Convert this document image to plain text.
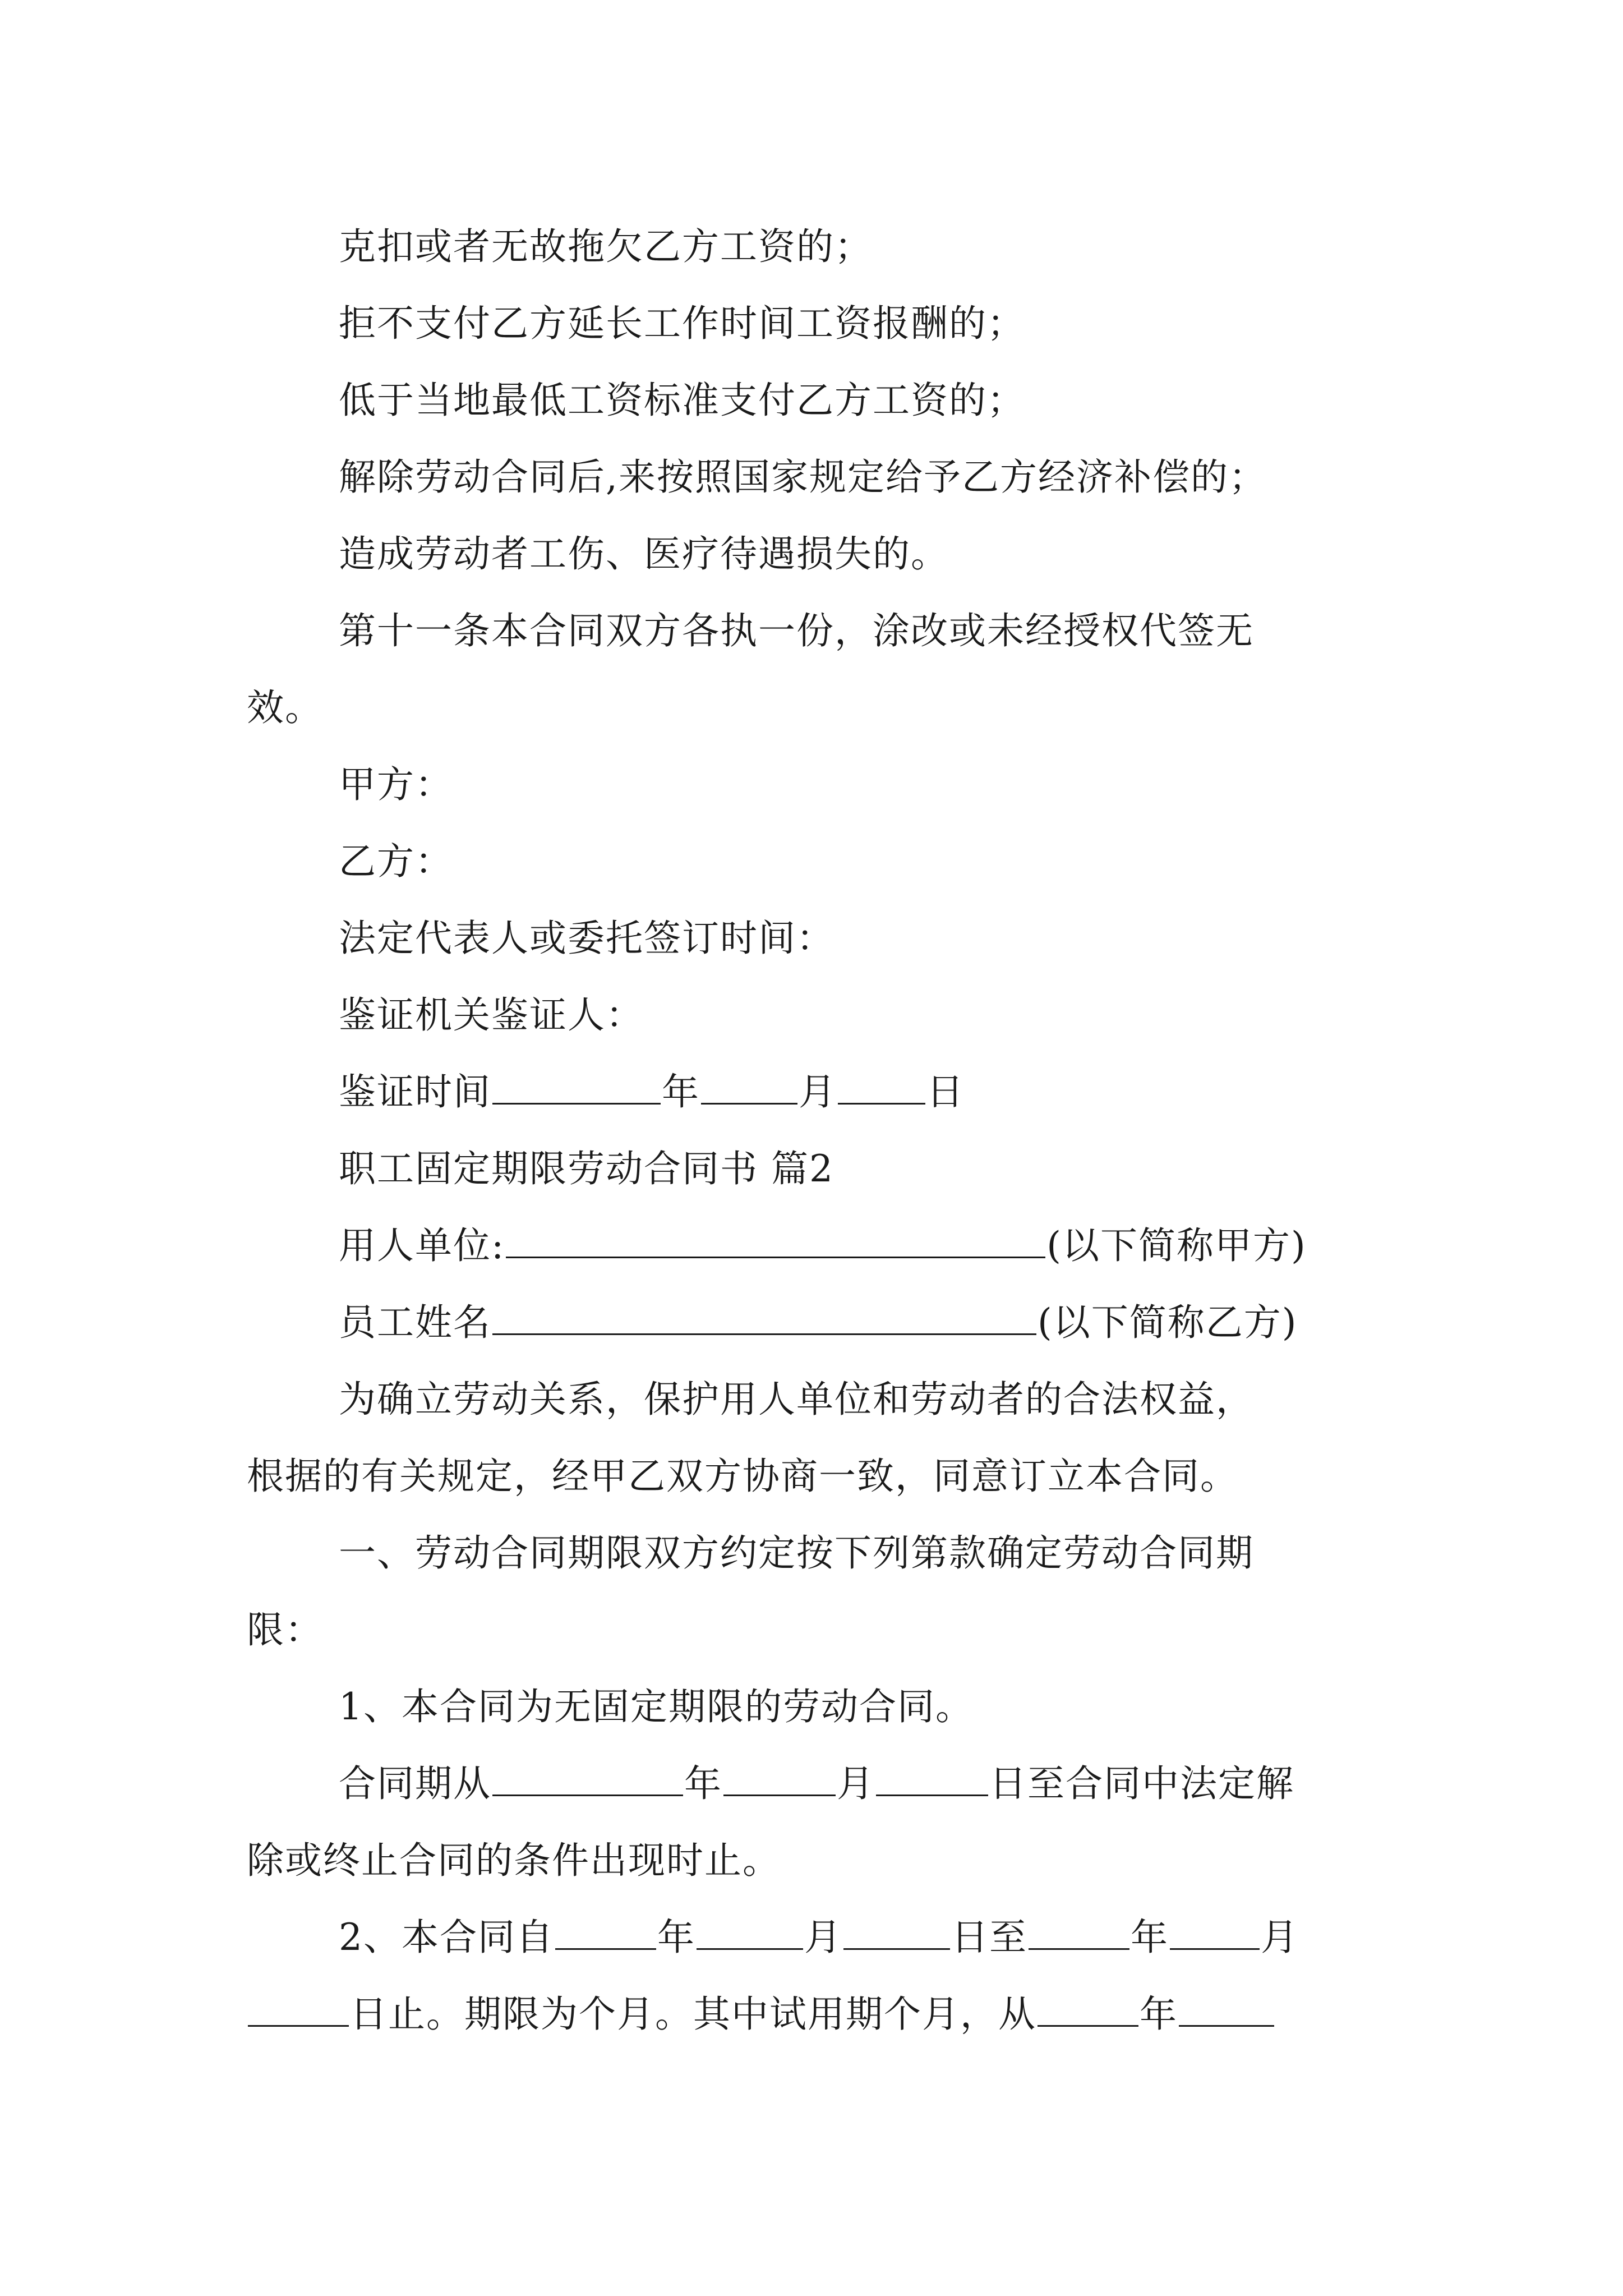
克扣或者无故拖欠乙方工资的；
拒不支付乙方延长工作时间工资报酬的；
低于当地最低工资标准支付乙方工资的；
解除劳动合同后,来按照国家规定给予乙方经济补偿的；
造成劳动者工伤、医疗待遇损失的。
第十一条本合同双方各执一份，涂改或未经授权代签无
效。
甲方：
乙方：
法定代表人或委托签订时间：
鉴证机关鉴证人：
鉴证时间	年	月 日
职工固定期限劳动合同书 篇2
用人单位:	(以下简称甲方)
员工姓名	(以下简称乙方)
为确立劳动关系，保护用人单位和劳动者的合法权益，
根据的有关规定，经甲乙双方协商一致，同意订立本合同。
一、劳动合同期限双方约定按下列第款确定劳动合同期
限：
1、本合同为无固定期限的劳动合同。
合同期从	年	月	日至合同中法定解
除或终止合同的条件出现时止。
2、本合同自	年	月	日至	年 月
日止。期限为个月。其中试用期个月，从	年
